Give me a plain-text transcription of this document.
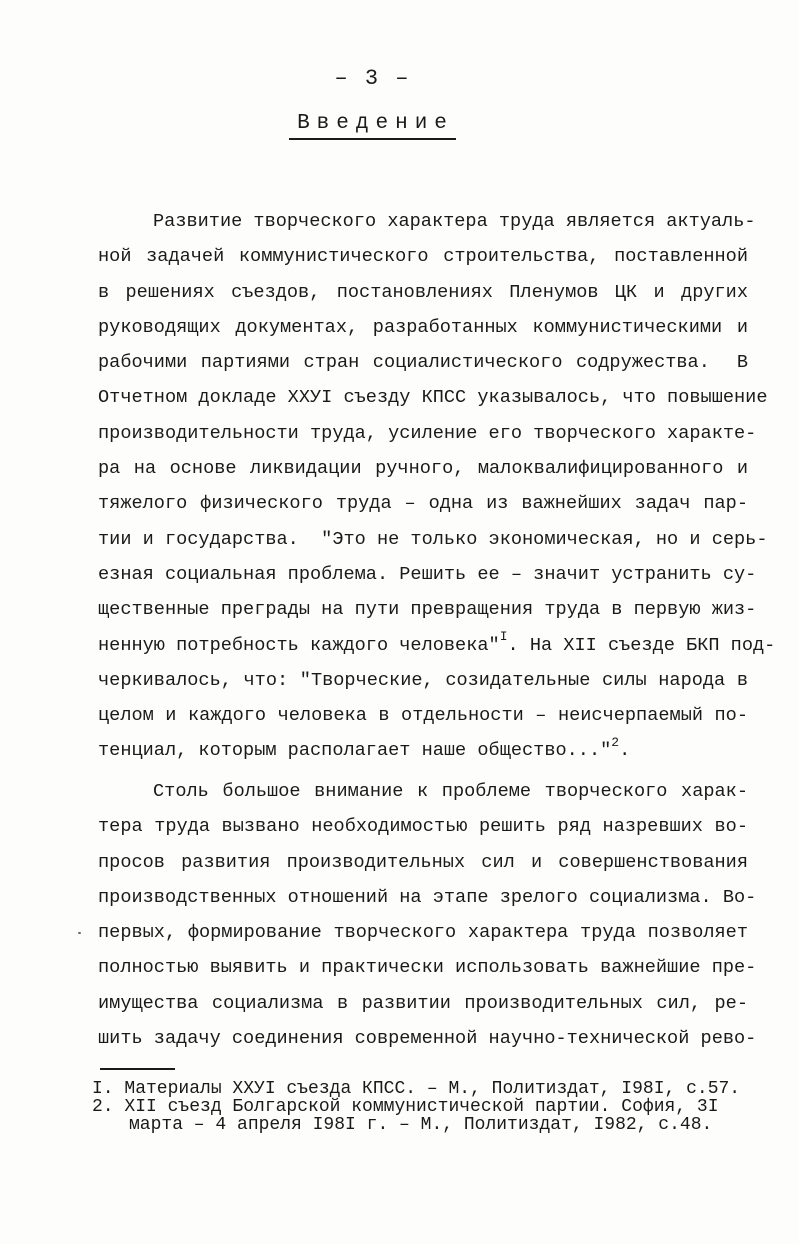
– 3 –
Введение
Развитие творческого характера труда является актуаль-
ной задачей коммунистического строительства, поставленной
в решениях съездов, постановлениях Пленумов ЦК и других
руководящих документах, разработанных коммунистическими и
рабочими партиями стран социалистического содружества.  В
Отчетном докладе ХХУI съезду КПСС указывалось, что повышение
производительности труда, усиление его творческого характе-
ра на основе ликвидации ручного, малоквалифицированного и
тяжелого физического труда – одна из важнейших задач пар-
тии и государства.  "Это не только экономическая, но и серь-
езная социальная проблема. Решить ее – значит устранить су-
щественные преграды на пути превращения труда в первую жиз-
ненную потребность каждого человека"$^I$. На ХII съезде БКП под-
черкивалось, что: "Творческие, созидательные силы народа в
целом и каждого человека в отдельности – неисчерпаемый по-
тенциал, которым располагает наше общество..."$^2$.
Столь большое внимание к проблеме творческого харак-
тера труда вызвано необходимостью решить ряд назревших во-
просов развития производительных сил и совершенствования
производственных отношений на этапе зрелого социализма. Во-
первых, формирование творческого характера труда позволяет
полностью выявить и практически использовать важнейшие пре-
имущества социализма в развитии производительных сил, ре-
шить задачу соединения современной научно-технической рево-
I. Материалы ХХУI съезда КПСС. – М., Политиздат, I98I, с.57.
2. ХII съезд Болгарской коммунистической партии. София, 3I
марта – 4 апреля I98I г. – М., Политиздат, I982, с.48.
